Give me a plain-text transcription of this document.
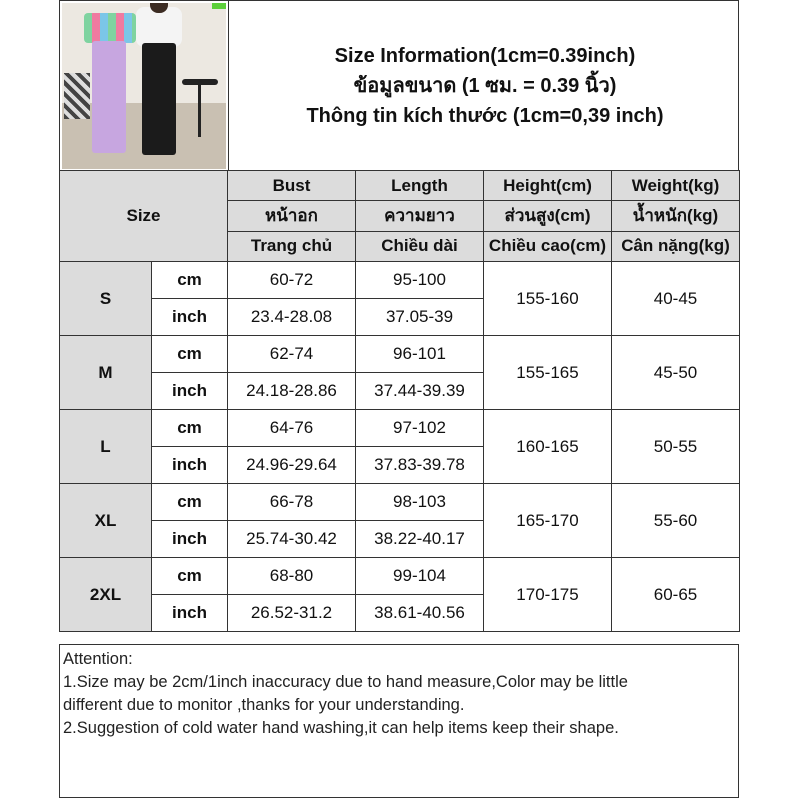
Size Information(1cm=0.39inch)
ข้อมูลขนาด (1 ซม. = 0.39 นิ้ว)
Thông tin kích thước (1cm=0,39 inch)
Size		Bust	Length	Height(cm)	Weight(kg)
		หน้าอก	ความยาว	ส่วนสูง(cm)	น้ำหนัก(kg)
		Trang chủ	Chiều dài	Chiều cao(cm)	Cân nặng(kg)
S	cm	60-72	95-100	155-160	40-45
	inch	23.4-28.08	37.05-39		
M	cm	62-74	96-101	155-165	45-50
	inch	24.18-28.86	37.44-39.39		
L	cm	64-76	97-102	160-165	50-55
	inch	24.96-29.64	37.83-39.78		
XL	cm	66-78	98-103	165-170	55-60
	inch	25.74-30.42	38.22-40.17		
2XL	cm	68-80	99-104	170-175	60-65
	inch	26.52-31.2	38.61-40.56		
Attention:
1.Size may be 2cm/1inch inaccuracy due to hand measure,Color may be little
different due to monitor ,thanks for your understanding.
2.Suggestion of cold water hand washing,it can help items keep their shape.
